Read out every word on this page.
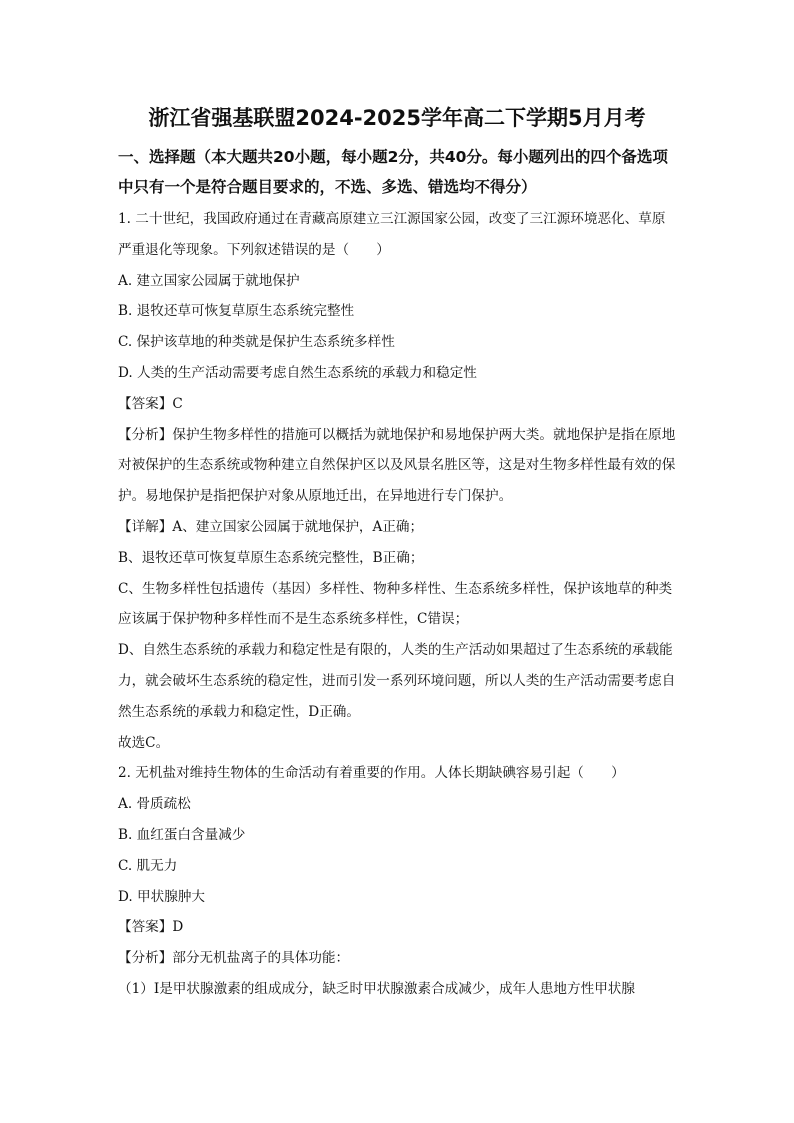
浙江省强基联盟2024-2025学年高二下学期5月月考
一、选择题（本大题共20小题，每小题2分，共40分。每小题列出的四个备选项中只有一个是符合题目要求的，不选、多选、错选均不得分）

1. 二十世纪，我国政府通过在青藏高原建立三江源国家公园，改变了三江源环境恶化、草原严重退化等现象。下列叙述错误的是（　　）

A. 建立国家公园属于就地保护

B. 退牧还草可恢复草原生态系统完整性

C. 保护该草地的种类就是保护生态系统多样性

D. 人类的生产活动需要考虑自然生态系统的承载力和稳定性

【答案】C

【分析】保护生物多样性的措施可以概括为就地保护和易地保护两大类。就地保护是指在原地对被保护的生态系统或物种建立自然保护区以及风景名胜区等，这是对生物多样性最有效的保护。易地保护是指把保护对象从原地迁出，在异地进行专门保护。

【详解】A、建立国家公园属于就地保护，A正确；

B、退牧还草可恢复草原生态系统完整性，B正确；

C、生物多样性包括遗传（基因）多样性、物种多样性、生态系统多样性，保护该地草的种类应该属于保护物种多样性而不是生态系统多样性，C错误；

D、自然生态系统的承载力和稳定性是有限的，人类的生产活动如果超过了生态系统的承载能力，就会破坏生态系统的稳定性，进而引发一系列环境问题，所以人类的生产活动需要考虑自然生态系统的承载力和稳定性，D正确。

故选C。

2. 无机盐对维持生物体的生命活动有着重要的作用。人体长期缺碘容易引起（　　）

A. 骨质疏松

B. 血红蛋白含量减少

C. 肌无力

D. 甲状腺肿大

【答案】D

【分析】部分无机盐离子的具体功能：

（1）I是甲状腺激素的组成成分，缺乏时甲状腺激素合成减少，成年人患地方性甲状腺
